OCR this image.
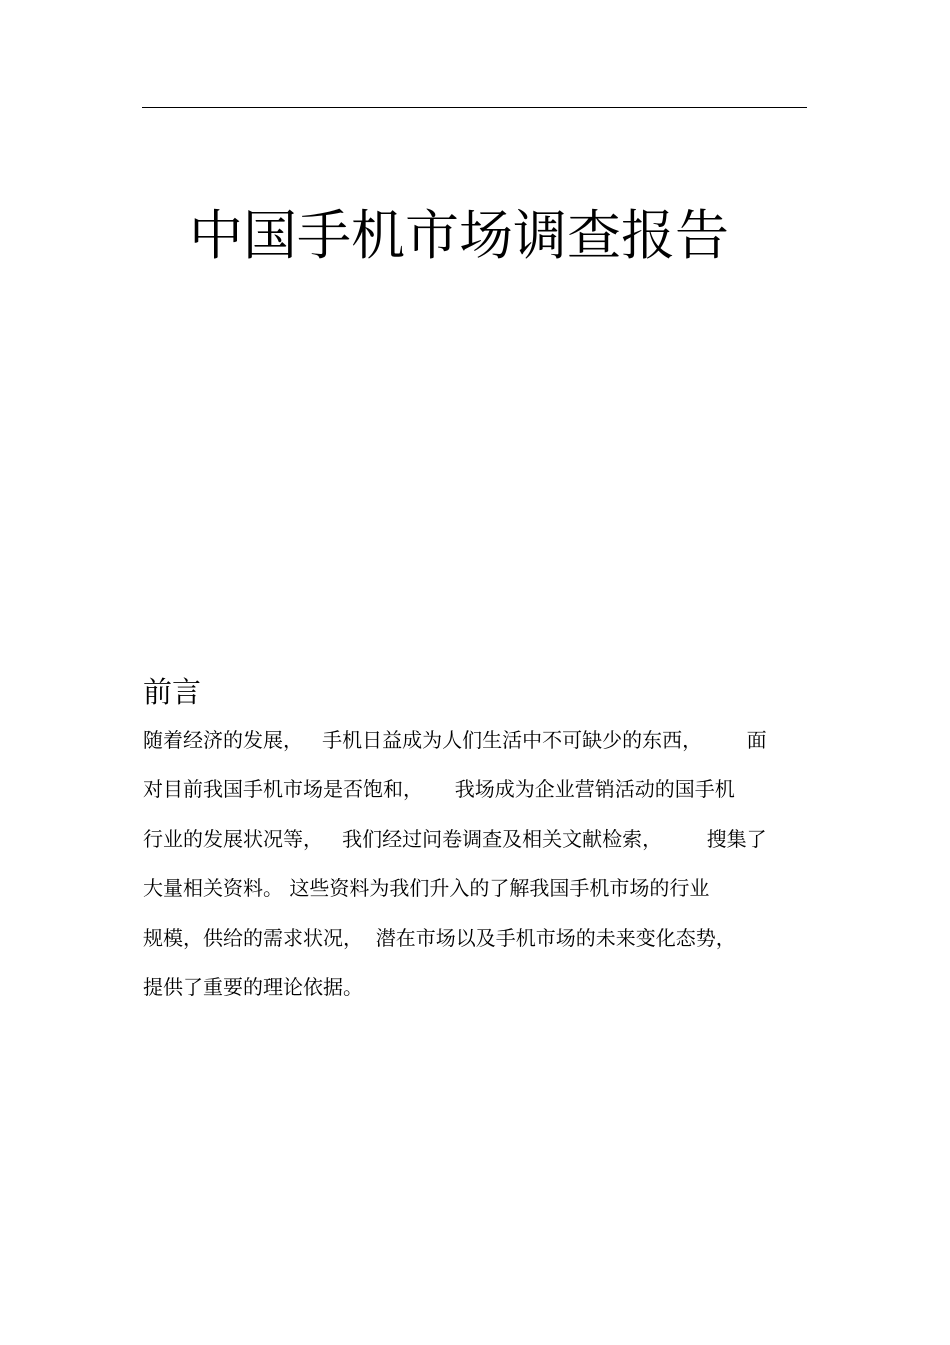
中国手机市场调查报告
前言

随着经济的发展，   手机日益成为人们生活中不可缺少的东西，       面

对目前我国手机市场是否饱和，     我场成为企业营销活动的国手机

行业的发展状况等，   我们经过问卷调查及相关文献检索，       搜集了

大量相关资料。 这些资料为我们升入的了解我国手机市场的行业

规模，供给的需求状况，  潜在市场以及手机市场的未来变化态势，

提供了重要的理论依据。
